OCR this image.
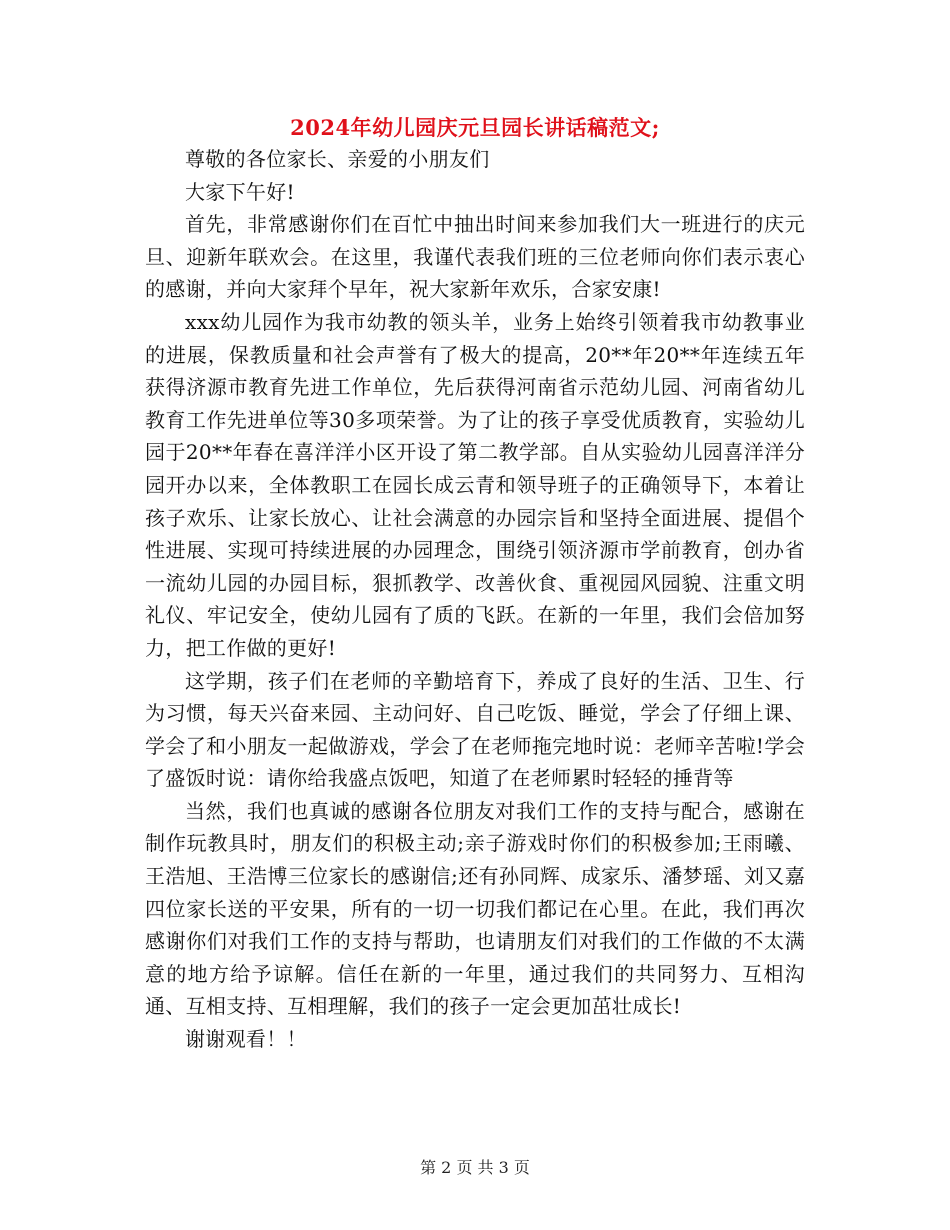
2024年幼儿园庆元旦园长讲话稿范文;

尊敬的各位家长、亲爱的小朋友们

大家下午好!

首先，非常感谢你们在百忙中抽出时间来参加我们大一班进行的庆元旦、迎新年联欢会。在这里，我谨代表我们班的三位老师向你们表示衷心的感谢，并向大家拜个早年，祝大家新年欢乐，合家安康!

xxx幼儿园作为我市幼教的领头羊，业务上始终引领着我市幼教事业的进展，保教质量和社会声誉有了极大的提高，20**年20**年连续五年获得济源市教育先进工作单位，先后获得河南省示范幼儿园、河南省幼儿教育工作先进单位等30多项荣誉。为了让的孩子享受优质教育，实验幼儿园于20**年春在喜洋洋小区开设了第二教学部。自从实验幼儿园喜洋洋分园开办以来，全体教职工在园长成云青和领导班子的正确领导下，本着让孩子欢乐、让家长放心、让社会满意的办园宗旨和坚持全面进展、提倡个性进展、实现可持续进展的办园理念，围绕引领济源市学前教育，创办省一流幼儿园的办园目标，狠抓教学、改善伙食、重视园风园貌、注重文明礼仪、牢记安全，使幼儿园有了质的飞跃。在新的一年里，我们会倍加努力，把工作做的更好!

这学期，孩子们在老师的辛勤培育下，养成了良好的生活、卫生、行为习惯，每天兴奋来园、主动问好、自己吃饭、睡觉，学会了仔细上课、学会了和小朋友一起做游戏，学会了在老师拖完地时说：老师辛苦啦!学会了盛饭时说：请你给我盛点饭吧，知道了在老师累时轻轻的捶背等

当然，我们也真诚的感谢各位朋友对我们工作的支持与配合，感谢在制作玩教具时，朋友们的积极主动;亲子游戏时你们的积极参加;王雨曦、王浩旭、王浩博三位家长的感谢信;还有孙同辉、成家乐、潘梦瑶、刘又嘉四位家长送的平安果，所有的一切一切我们都记在心里。在此，我们再次感谢你们对我们工作的支持与帮助，也请朋友们对我们的工作做的不太满意的地方给予谅解。信任在新的一年里，通过我们的共同努力、互相沟通、互相支持、互相理解，我们的孩子一定会更加茁壮成长!

谢谢观看！！

第 2 页 共 3 页
